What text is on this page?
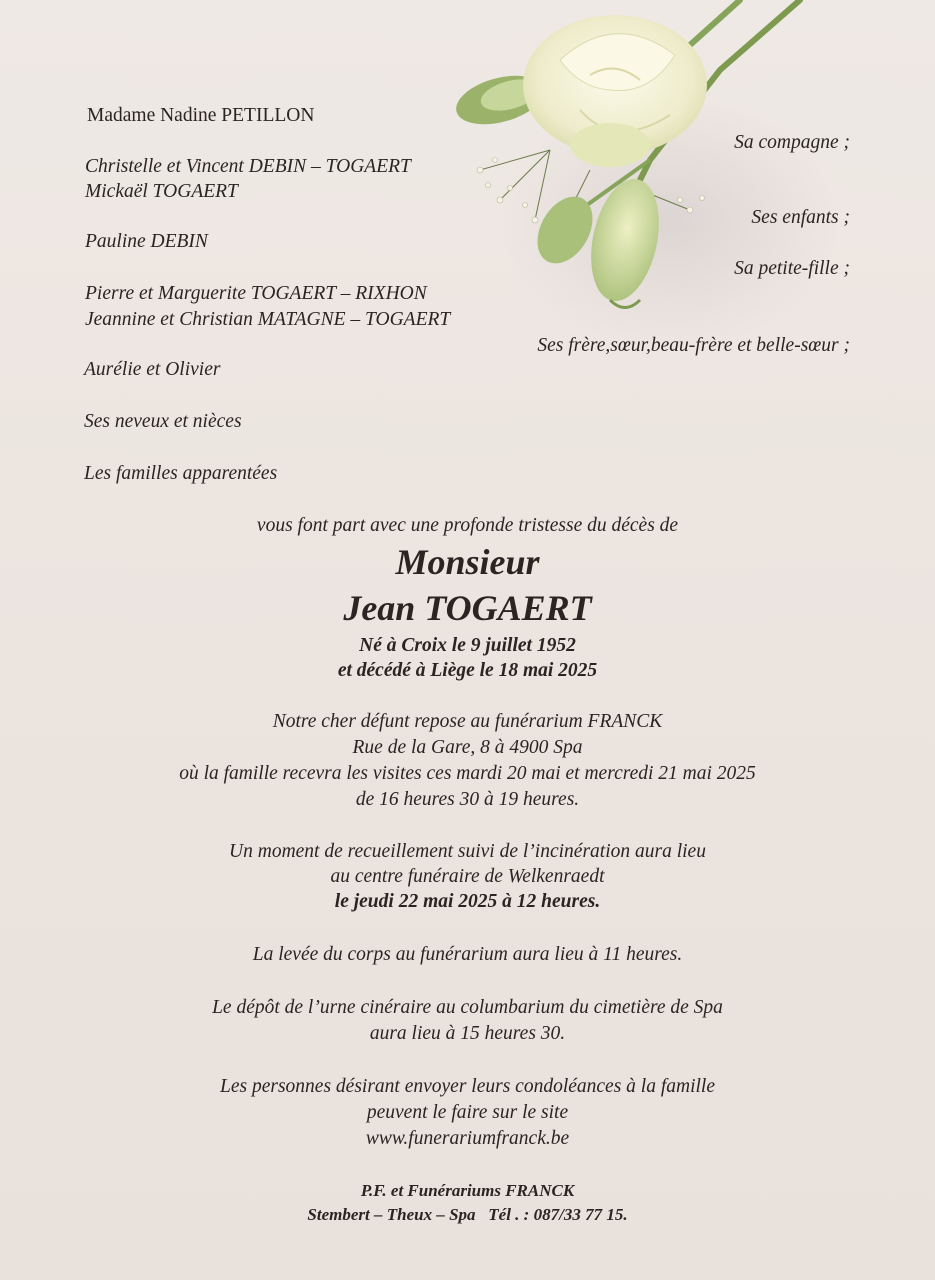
Madame Nadine PETILLON
Christelle et Vincent DEBIN – TOGAERT
Mickaël TOGAERT
Pauline DEBIN
Pierre et Marguerite TOGAERT – RIXHON
Jeannine et Christian MATAGNE – TOGAERT
Aurélie et Olivier
Ses neveux et nièces
Les familles apparentées
Sa compagne ;
Ses enfants ;
Sa petite-fille ;
Ses frère,sœur,beau-frère et belle-sœur ;
vous font part avec une profonde tristesse du décès de
Monsieur
Jean TOGAERT
Né à Croix le 9 juillet 1952
et décédé à Liège le 18 mai 2025
Notre cher défunt repose au funérarium FRANCK
Rue de la Gare, 8 à 4900 Spa
où la famille recevra les visites ces mardi 20 mai et mercredi 21 mai 2025
de 16 heures 30 à 19 heures.
Un moment de recueillement suivi de l’incinération aura lieu
au centre funéraire de Welkenraedt
le jeudi 22 mai 2025 à 12 heures.
La levée du corps au funérarium aura lieu à 11 heures.
Le dépôt de l’urne cinéraire au columbarium du cimetière de Spa
aura lieu à 15 heures 30.
Les personnes désirant envoyer leurs condoléances à la famille
peuvent le faire sur le site
www.funerariumfranck.be
P.F. et Funérariums FRANCK
Stembert – Theux – Spa   Tél . : 087/33 77 15.
